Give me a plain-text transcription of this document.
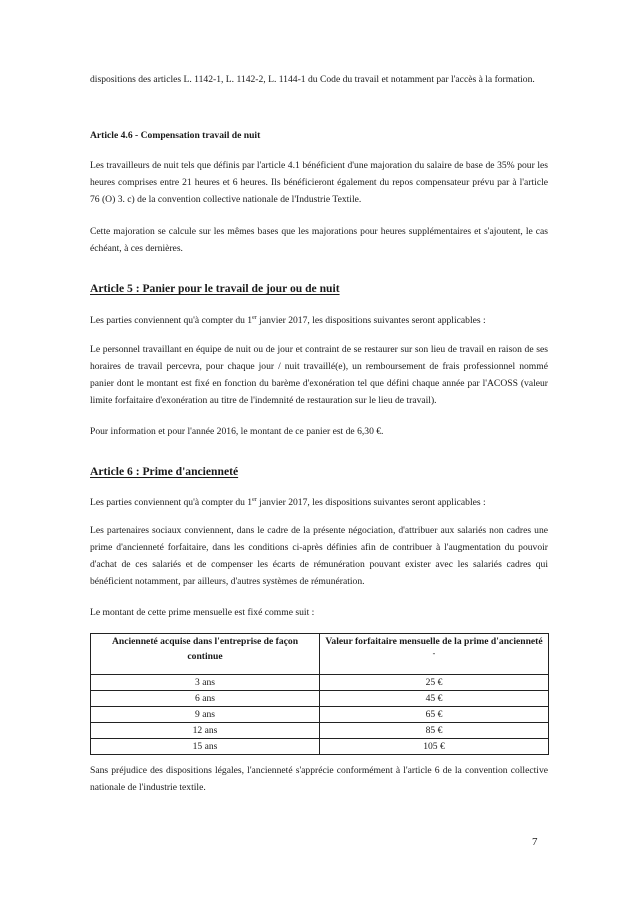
dispositions des articles L. 1142-1, L. 1142-2, L. 1144-1 du Code du travail et notamment par l'accès à la formation.

Article 4.6 - Compensation travail de nuit

Les travailleurs de nuit tels que définis par l'article 4.1 bénéficient d'une majoration du salaire de base de 35% pour les heures comprises entre 21 heures et 6 heures. Ils bénéficieront également du repos compensateur prévu par à l'article 76 (O) 3. c) de la convention collective nationale de l'Industrie Textile.

Cette majoration se calcule sur les mêmes bases que les majorations pour heures supplémentaires et s'ajoutent, le cas échéant, à ces dernières.

Article 5 : Panier pour le travail de jour ou de nuit

Les parties conviennent qu'à compter du 1er janvier 2017, les dispositions suivantes seront applicables :

Le personnel travaillant en équipe de nuit ou de jour et contraint de se restaurer sur son lieu de travail en raison de ses horaires de travail percevra, pour chaque jour / nuit travaillé(e), un remboursement de frais professionnel nommé panier dont le montant est fixé en fonction du barème d'exonération tel que défini chaque année par l'ACOSS (valeur limite forfaitaire d'exonération au titre de l'indemnité de restauration sur le lieu de travail).

Pour information et pour l'année 2016, le montant de ce panier est de 6,30 €.

Article 6 : Prime d'ancienneté

Les parties conviennent qu'à compter du 1er janvier 2017, les dispositions suivantes seront applicables :

Les partenaires sociaux conviennent, dans le cadre de la présente négociation, d'attribuer aux salariés non cadres une prime d'ancienneté forfaitaire, dans les conditions ci-après définies afin de contribuer à l'augmentation du pouvoir d'achat de ces salariés et de compenser les écarts de rémunération pouvant exister avec les salariés cadres qui bénéficient notamment, par ailleurs, d'autres systèmes de rémunération.

Le montant de cette prime mensuelle est fixé comme suit :

Ancienneté acquise dans l'entreprise de façon continue	Valeur forfaitaire mensuelle de la prime d'ancienneté
-

3 ans	25 €
6 ans	45 €
9 ans	65 €
12 ans	85 €
15 ans	105 €

Sans préjudice des dispositions légales, l'ancienneté s'apprécie conformément à l'article 6 de la convention collective nationale de l'industrie textile.

7
